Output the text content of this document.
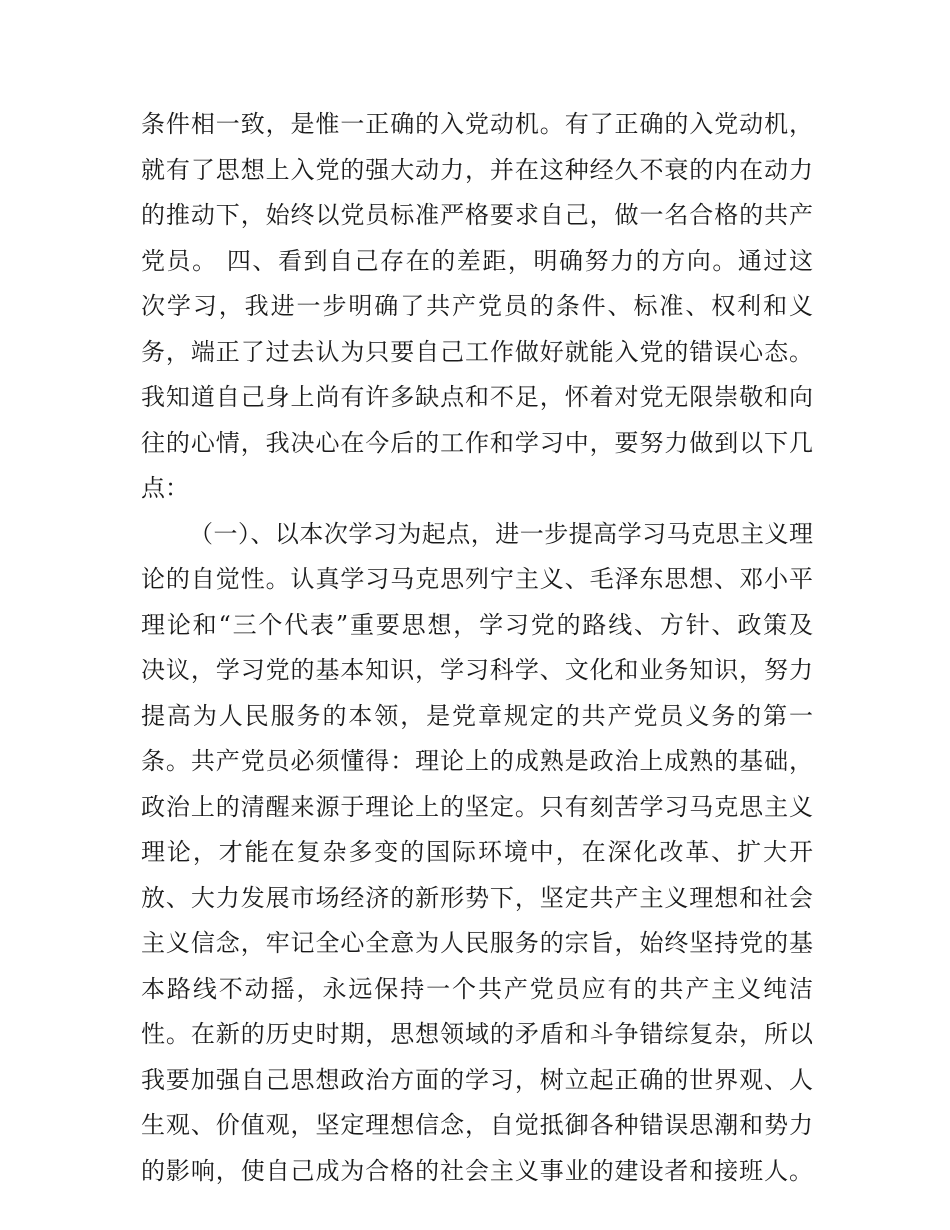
条件相一致，是惟一正确的入党动机。有了正确的入党动机，
就有了思想上入党的强大动力，并在这种经久不衰的内在动力
的推动下，始终以党员标准严格要求自己，做一名合格的共产
党员。 四、看到自己存在的差距，明确努力的方向。通过这
次学习，我进一步明确了共产党员的条件、标准、权利和义
务，端正了过去认为只要自己工作做好就能入党的错误心态。
我知道自己身上尚有许多缺点和不足，怀着对党无限崇敬和向
往的心情，我决心在今后的工作和学习中，要努力做到以下几
点：
（一）、以本次学习为起点，进一步提高学习马克思主义理
论的自觉性。认真学习马克思列宁主义、毛泽东思想、邓小平
理论和“三个代表”重要思想，学习党的路线、方针、政策及
决议，学习党的基本知识，学习科学、文化和业务知识，努力
提高为人民服务的本领，是党章规定的共产党员义务的第一
条。共产党员必须懂得：理论上的成熟是政治上成熟的基础，
政治上的清醒来源于理论上的坚定。只有刻苦学习马克思主义
理论，才能在复杂多变的国际环境中，在深化改革、扩大开
放、大力发展市场经济的新形势下，坚定共产主义理想和社会
主义信念，牢记全心全意为人民服务的宗旨，始终坚持党的基
本路线不动摇，永远保持一个共产党员应有的共产主义纯洁
性。在新的历史时期，思想领域的矛盾和斗争错综复杂，所以
我要加强自己思想政治方面的学习，树立起正确的世界观、人
生观、价值观，坚定理想信念，自觉抵御各种错误思潮和势力
的影响，使自己成为合格的社会主义事业的建设者和接班人。
